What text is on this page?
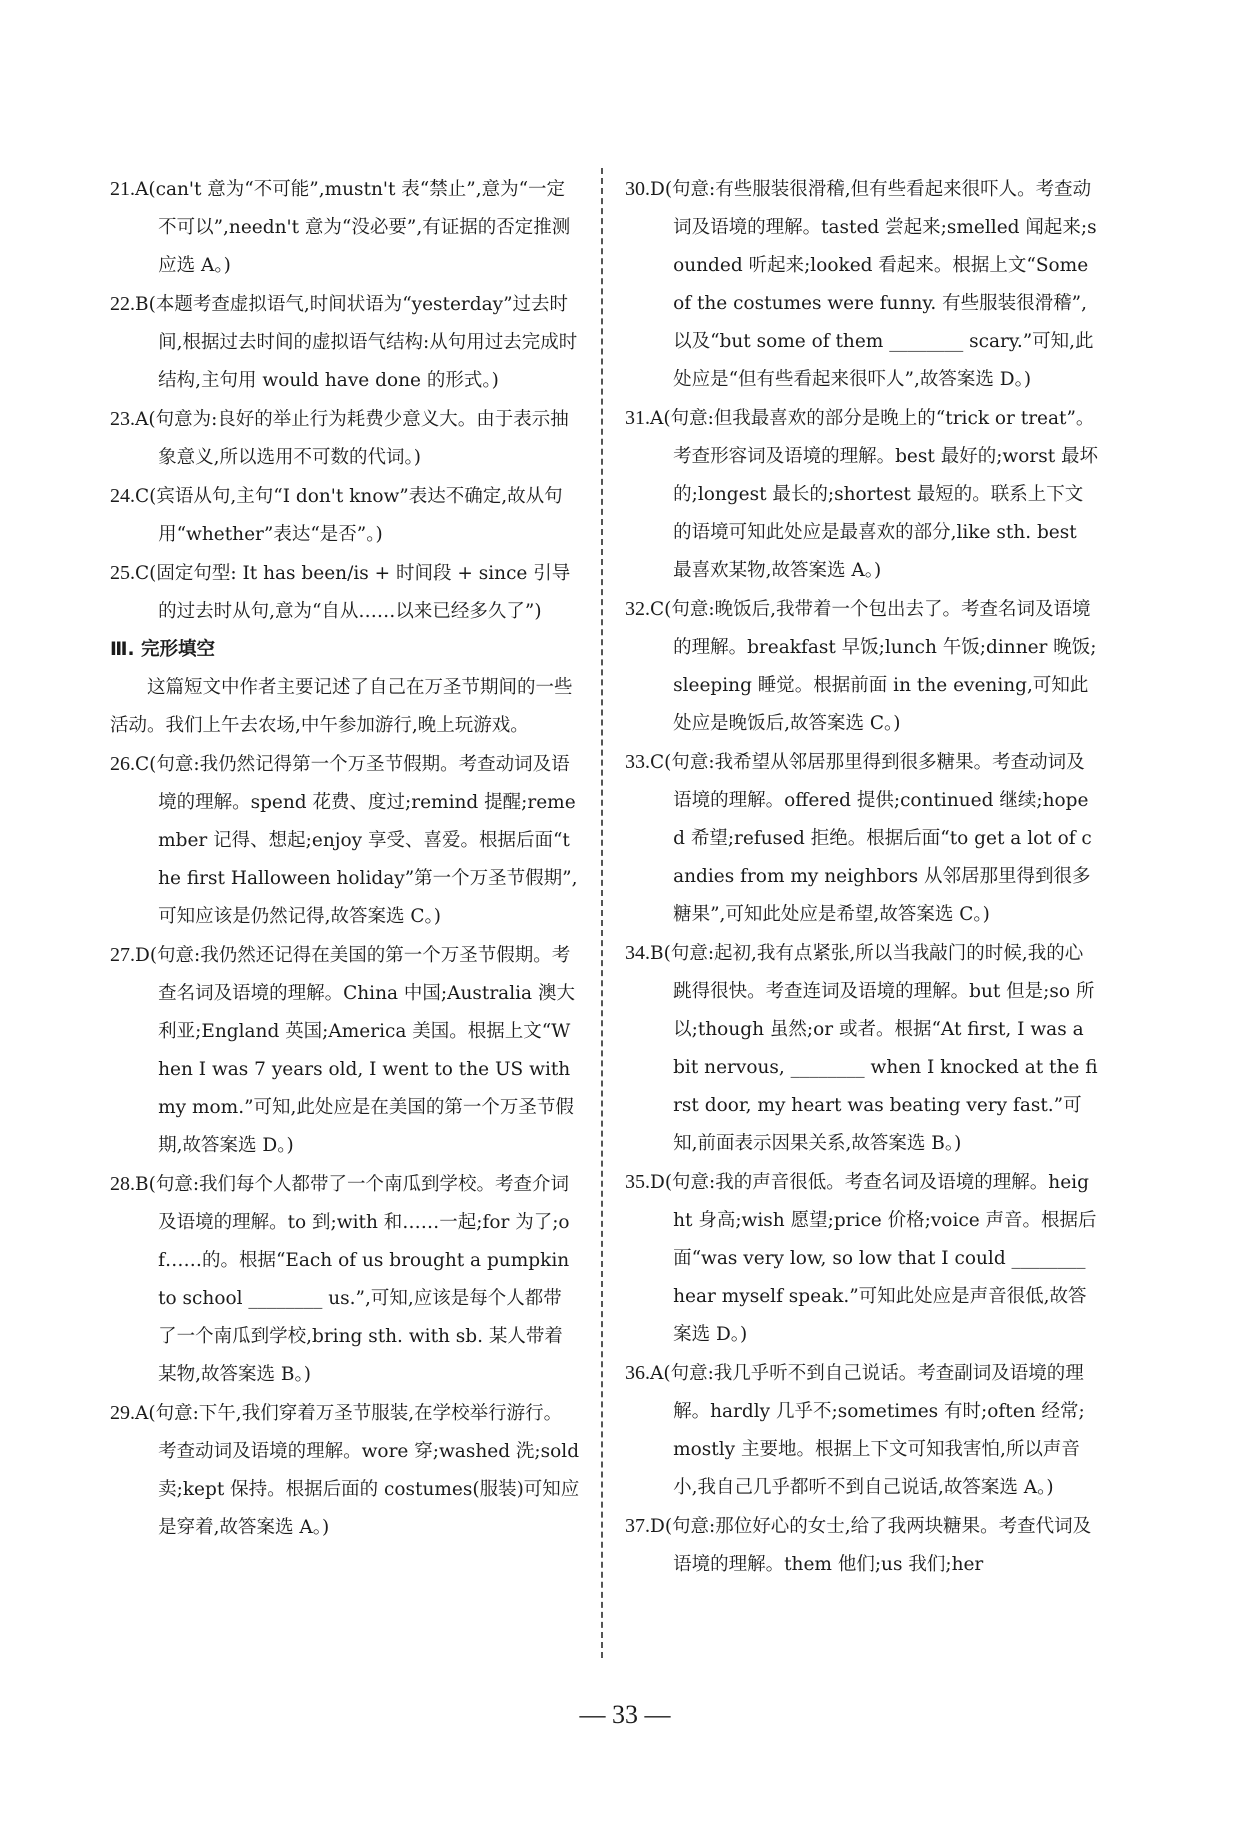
21.A(can't 意为“不可能”,mustn't 表“禁止”,意为“一定不可以”,needn't 意为“没必要”,有证据的否定推测应选 A。)

22.B(本题考查虚拟语气,时间状语为“yesterday”过去时间,根据过去时间的虚拟语气结构:从句用过去完成时结构,主句用 would have done 的形式。)

23.A(句意为:良好的举止行为耗费少意义大。由于表示抽象意义,所以选用不可数的代词。)

24.C(宾语从句,主句“I don't know”表达不确定,故从句用“whether”表达“是否”。)

25.C(固定句型: It has been/is + 时间段 + since 引导的过去时从句,意为“自从……以来已经多久了”)

Ⅲ. 完形填空

这篇短文中作者主要记述了自己在万圣节期间的一些活动。我们上午去农场,中午参加游行,晚上玩游戏。

26.C(句意:我仍然记得第一个万圣节假期。考查动词及语境的理解。spend 花费、度过;remind 提醒;remember 记得、想起;enjoy 享受、喜爱。根据后面“the first Halloween holiday”第一个万圣节假期”,可知应该是仍然记得,故答案选 C。)

27.D(句意:我仍然还记得在美国的第一个万圣节假期。考查名词及语境的理解。China 中国;Australia 澳大利亚;England 英国;America 美国。根据上文“When I was 7 years old, I went to the US with my mom.”可知,此处应是在美国的第一个万圣节假期,故答案选 D。)

28.B(句意:我们每个人都带了一个南瓜到学校。考查介词及语境的理解。to 到;with 和……一起;for 为了;of……的。根据“Each of us brought a pumpkin to school ________ us.”,可知,应该是每个人都带了一个南瓜到学校,bring sth. with sb. 某人带着某物,故答案选 B。)

29.A(句意:下午,我们穿着万圣节服装,在学校举行游行。考查动词及语境的理解。wore 穿;washed 洗;sold 卖;kept 保持。根据后面的 costumes(服装)可知应是穿着,故答案选 A。)

30.D(句意:有些服装很滑稽,但有些看起来很吓人。考查动词及语境的理解。tasted 尝起来;smelled 闻起来;sounded 听起来;looked 看起来。根据上文“Some of the costumes were funny. 有些服装很滑稽”,以及“but some of them ________ scary.”可知,此处应是“但有些看起来很吓人”,故答案选 D。)

31.A(句意:但我最喜欢的部分是晚上的“trick or treat”。考查形容词及语境的理解。best 最好的;worst 最坏的;longest 最长的;shortest 最短的。联系上下文的语境可知此处应是最喜欢的部分,like sth. best 最喜欢某物,故答案选 A。)

32.C(句意:晚饭后,我带着一个包出去了。考查名词及语境的理解。breakfast 早饭;lunch 午饭;dinner 晚饭;sleeping 睡觉。根据前面 in the evening,可知此处应是晚饭后,故答案选 C。)

33.C(句意:我希望从邻居那里得到很多糖果。考查动词及语境的理解。offered 提供;continued 继续;hoped 希望;refused 拒绝。根据后面“to get a lot of candies from my neighbors 从邻居那里得到很多糖果”,可知此处应是希望,故答案选 C。)

34.B(句意:起初,我有点紧张,所以当我敲门的时候,我的心跳得很快。考查连词及语境的理解。but 但是;so 所以;though 虽然;or 或者。根据“At first, I was a bit nervous, ________ when I knocked at the first door, my heart was beating very fast.”可知,前面表示因果关系,故答案选 B。)

35.D(句意:我的声音很低。考查名词及语境的理解。height 身高;wish 愿望;price 价格;voice 声音。根据后面“was very low, so low that I could ________ hear myself speak.”可知此处应是声音很低,故答案选 D。)

36.A(句意:我几乎听不到自己说话。考查副词及语境的理解。hardly 几乎不;sometimes 有时;often 经常;mostly 主要地。根据上下文可知我害怕,所以声音小,我自己几乎都听不到自己说话,故答案选 A。)

37.D(句意:那位好心的女士,给了我两块糖果。考查代词及语境的理解。them 他们;us 我们;her

— 33 —
